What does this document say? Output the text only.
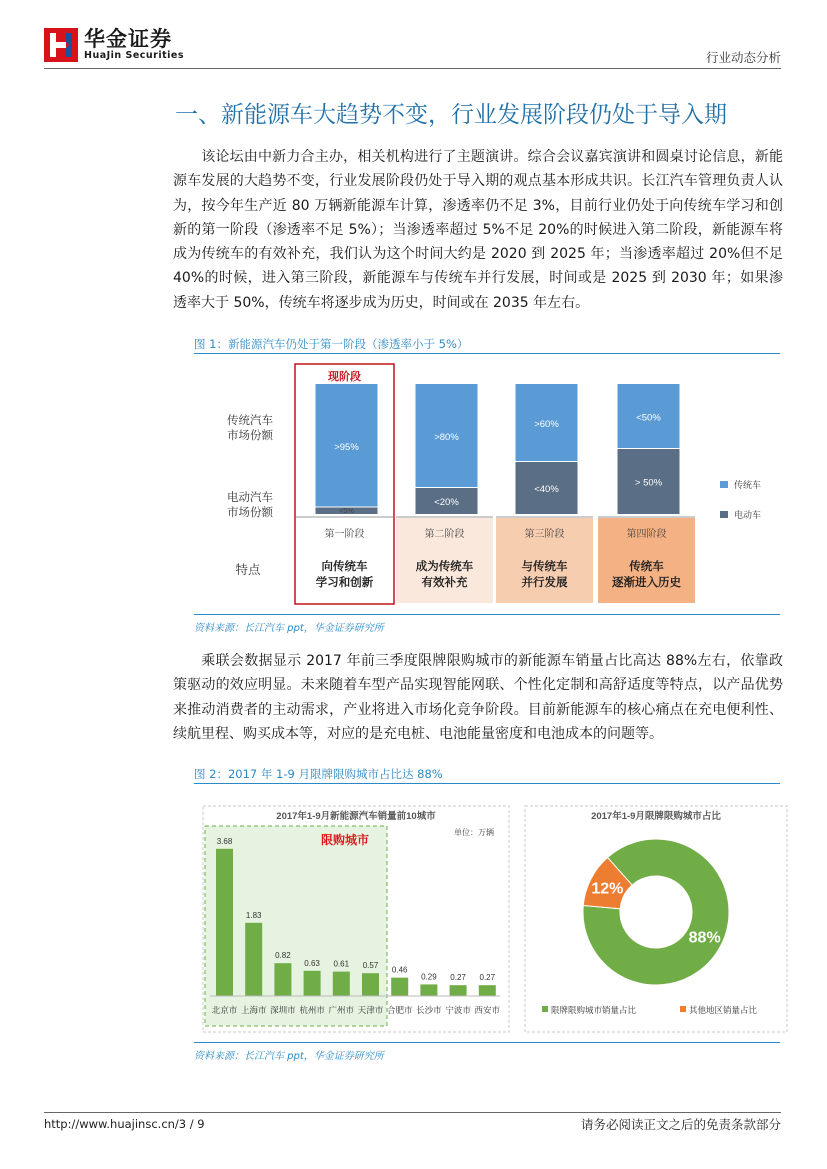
华金证券
HuaJin Securities	行业动态分析
一、新能源车大趋势不变，行业发展阶段仍处于导入期
该论坛由中新力合主办，相关机构进行了主题演讲。综合会议嘉宾演讲和圆桌讨论信息，新能源车发展的大趋势不变，行业发展阶段仍处于导入期的观点基本形成共识。长江汽车管理负责人认为，按今年生产近 80 万辆新能源车计算，渗透率仍不足 3%，目前行业仍处于向传统车学习和创新的第一阶段（渗透率不足 5%）；当渗透率超过 5%不足 20%的时候进入第二阶段，新能源车将成为传统车的有效补充，我们认为这个时间大约是 2020 到 2025 年；当渗透率超过 20%但不足 40%的时候，进入第三阶段，新能源车与传统车并行发展，时间或是 2025 到 2030 年；如果渗透率大于 50%，传统车将逐步成为历史，时间或在 2035 年左右。
图 1：新能源汽车仍处于第一阶段（渗透率小于 5%）
传统汽车市场份额
电动汽车市场份额
特点
>95%
<5%
第一阶段
向传统车
学习和创新
>80%
<20%
第二阶段
成为传统车
有效补充
>60%
<40%
第三阶段
与传统车
并行发展
<50%
> 50%
第四阶段
传统车
逐渐进入历史
现阶段
传统车
电动车
资料来源：长江汽车 ppt，华金证券研究所
乘联会数据显示 2017 年前三季度限牌限购城市的新能源车销量占比高达 88%左右，依靠政策驱动的效应明显。未来随着车型产品实现智能网联、个性化定制和高舒适度等特点，以产品优势来推动消费者的主动需求，产业将进入市场化竞争阶段。目前新能源车的核心痛点在充电便利性、续航里程、购买成本等，对应的是充电桩、电池能量密度和电池成本的问题等。
图 2：2017 年 1-9 月限牌限购城市占比达 88%
2017年1-9月新能源汽车销量前10城市
单位：万辆
限购城市
3.68
北京市
1.83
上海市
0.82
深圳市
0.63
杭州市
0.61
广州市
0.57
天津市
0.46
合肥市
0.29
长沙市
0.27
宁波市
0.27
西安市
2017年1-9月限牌限购城市占比
88%
12%
限牌限购城市销量占比	其他地区销量占比
资料来源：长江汽车 ppt，华金证券研究所
http://www.huajinsc.cn/3 / 9	请务必阅读正文之后的免责条款部分
